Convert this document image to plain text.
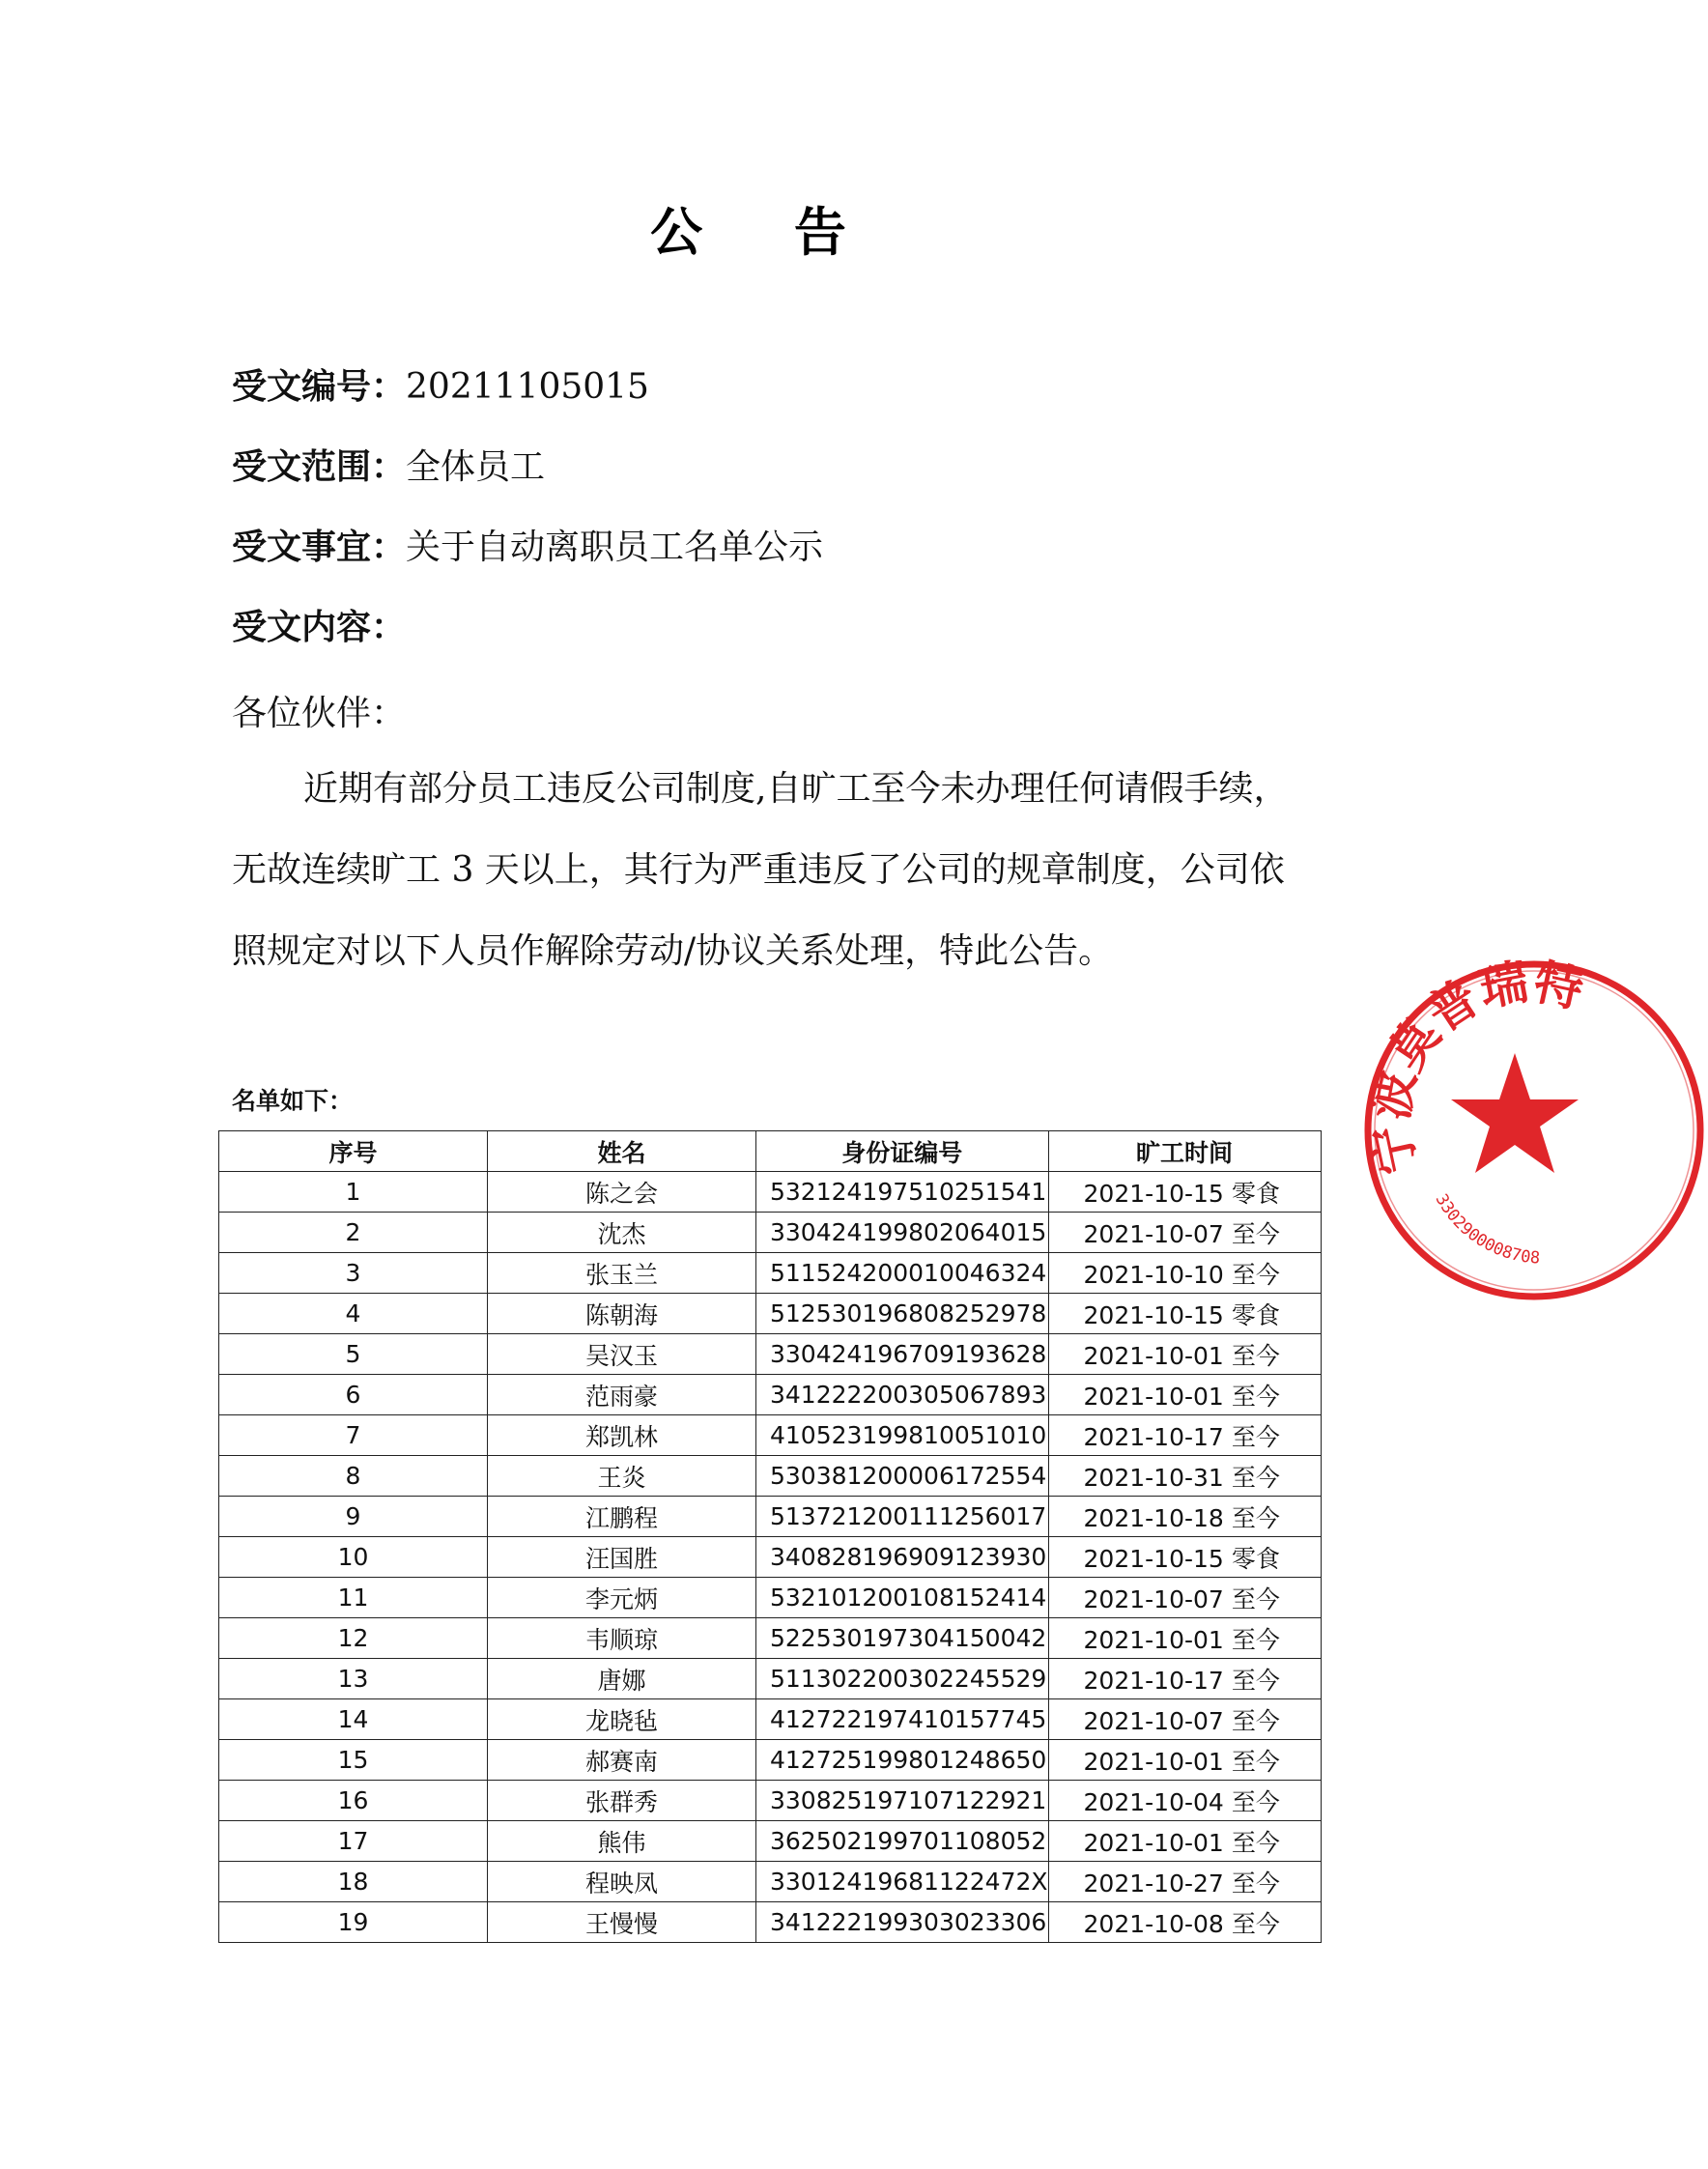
公 告
受文编号：20211105015
受文范围：全体员工
受文事宜：关于自动离职员工名单公示
受文内容：
各位伙伴：
近期有部分员工违反公司制度,自旷工至今未办理任何请假手续，无故连续旷工 3 天以上，其行为严重违反了公司的规章制度，公司依照规定对以下人员作解除劳动/协议关系处理，特此公告。
名单如下：
序号	姓名	身份证编号	旷工时间
1	陈之会	532124197510251541	2021-10-15 零食
2	沈杰	330424199802064015	2021-10-07 至今
3	张玉兰	511524200010046324	2021-10-10 至今
4	陈朝海	512530196808252978	2021-10-15 零食
5	吴汉玉	330424196709193628	2021-10-01 至今
6	范雨豪	341222200305067893	2021-10-01 至今
7	郑凯林	410523199810051010	2021-10-17 至今
8	王炎	530381200006172554	2021-10-31 至今
9	江鹏程	513721200111256017	2021-10-18 至今
10	汪国胜	340828196909123930	2021-10-15 零食
11	李元炳	532101200108152414	2021-10-07 至今
12	韦顺琼	522530197304150042	2021-10-01 至今
13	唐娜	511302200302245529	2021-10-17 至今
14	龙晓毡	412722197410157745	2021-10-07 至今
15	郝赛南	412725199801248650	2021-10-01 至今
16	张群秀	330825197107122921	2021-10-04 至今
17	熊伟	362502199701108052	2021-10-01 至今
18	程映凤	33012419681122472X	2021-10-27 至今
19	王慢慢	341222199303023306	2021-10-08 至今
宁波莫普瑞特
3302900008708
